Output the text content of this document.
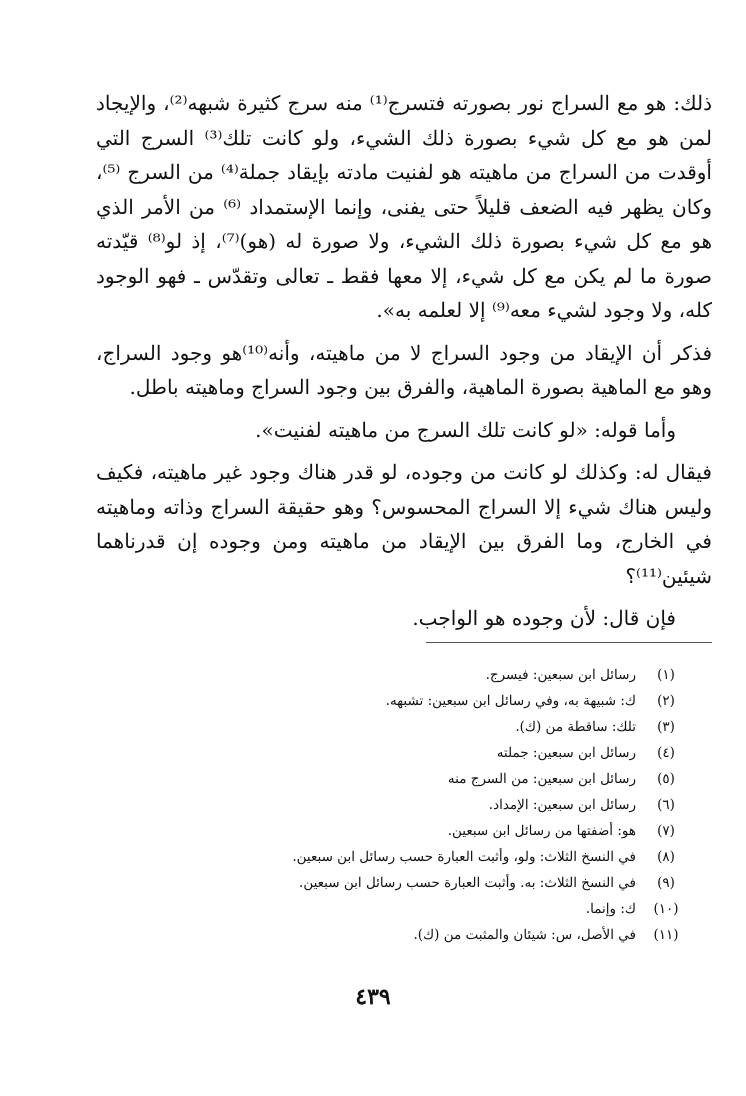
ذلك: هو مع السراج نور بصورته فتسرج⁽¹⁾ منه سرج كثيرة شبهه⁽²⁾، والإيجاد لمن هو مع كل شيء بصورة ذلك الشيء، ولو كانت تلك⁽³⁾ السرج التي أوقدت من السراج من ماهيته هو لفنيت مادته بإيقاد جملة⁽⁴⁾ من السرج ⁽⁵⁾، وكان يظهر فيه الضعف قليلاً حتى يفنى، وإنما الإستمداد ⁽⁶⁾ من الأمر الذي هو مع كل شيء بصورة ذلك الشيء، ولا صورة له (هو)⁽⁷⁾، إذ لو⁽⁸⁾ قيّدته صورة ما لم يكن مع كل شيء، إلا معها فقط ـ تعالى وتقدّس ـ فهو الوجود كله، ولا وجود لشيء معه⁽⁹⁾ إلا لعلمه به».

فذكر أن الإيقاد من وجود السراج لا من ماهيته، وأنه⁽¹⁰⁾هو وجود السراج، وهو مع الماهية بصورة الماهية، والفرق بين وجود السراج وماهيته باطل.

وأما قوله: «لو كانت تلك السرج من ماهيته لفنيت».

فيقال له: وكذلك لو كانت من وجوده، لو قدر هناك وجود غير ماهيته، فكيف وليس هناك شيء إلا السراج المحسوس؟ وهو حقيقة السراج وذاته وماهيته في الخارج، وما الفرق بين الإيقاد من ماهيته ومن وجوده إن قدرناهما شيئين⁽¹¹⁾؟

فإن قال: لأن وجوده هو الواجب.

(١)
رسائل ابن سبعين: فيسرج.
(٢)
ك: شبيهة به، وفي رسائل ابن سبعين: تشبهه.
(٣)
تلك: ساقطة من (ك).
(٤)
رسائل ابن سبعين: جملته
(٥)
رسائل ابن سبعين: من السرج منه
(٦)
رسائل ابن سبعين: الإمداد.
(٧)
هو: أضفتها من رسائل ابن سبعين.
(٨)
في النسخ الثلاث: ولو، وأثبت العبارة حسب رسائل ابن سبعين.
(٩)
في النسخ الثلاث: به. وأثبت العبارة حسب رسائل ابن سبعين.
(١٠)
ك: وإنما.
(١١)
في الأصل، س: شيئان والمثبت من (ك).
٤٣٩
